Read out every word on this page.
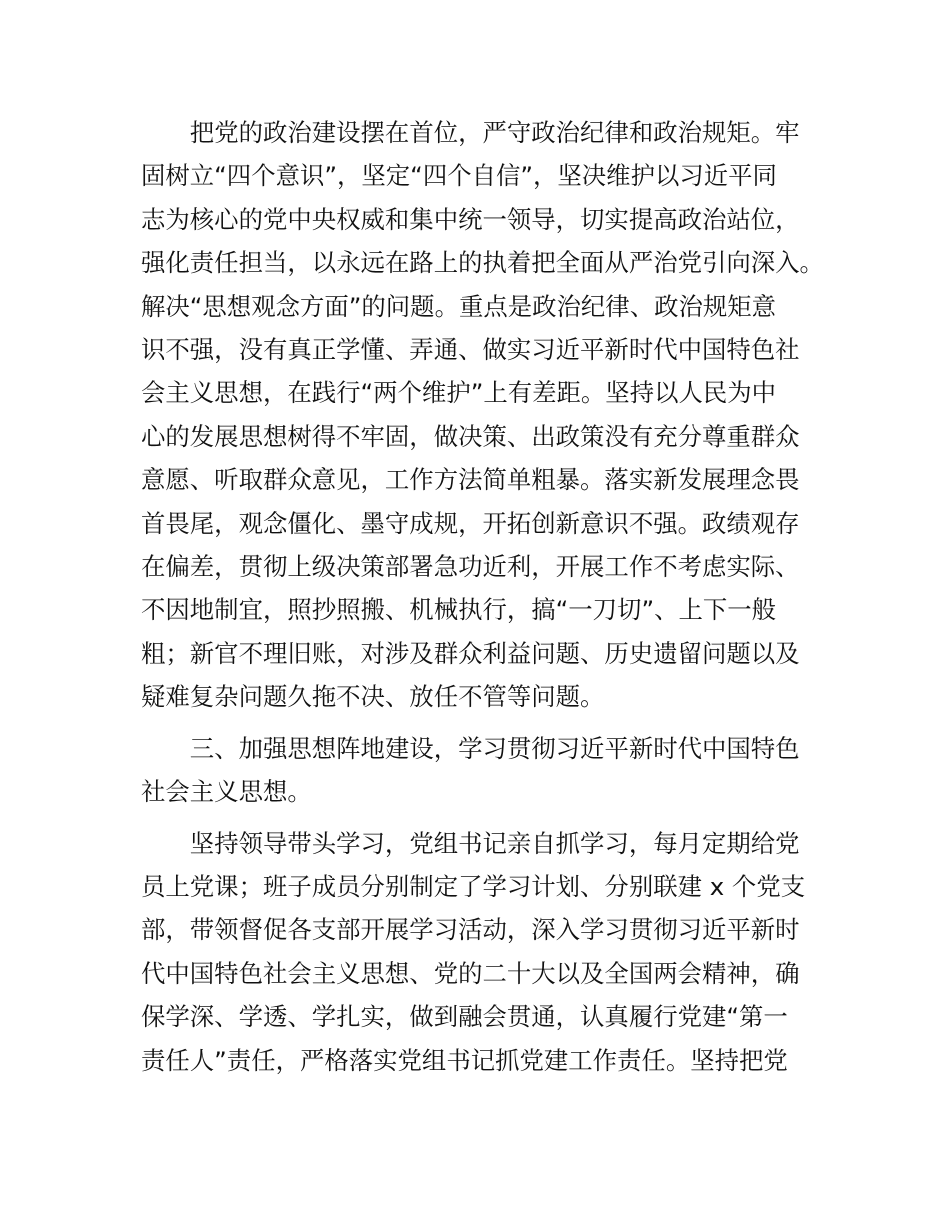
把党的政治建设摆在首位，严守政治纪律和政治规矩。牢
固树立“四个意识”，坚定“四个自信”，坚决维护以习近平同
志为核心的党中央权威和集中统一领导，切实提高政治站位，
强化责任担当，以永远在路上的执着把全面从严治党引向深入。
解决“思想观念方面”的问题。重点是政治纪律、政治规矩意
识不强，没有真正学懂、弄通、做实习近平新时代中国特色社
会主义思想，在践行“两个维护”上有差距。坚持以人民为中
心的发展思想树得不牢固，做决策、出政策没有充分尊重群众
意愿、听取群众意见，工作方法简单粗暴。落实新发展理念畏
首畏尾，观念僵化、墨守成规，开拓创新意识不强。政绩观存
在偏差，贯彻上级决策部署急功近利，开展工作不考虑实际、
不因地制宜，照抄照搬、机械执行，搞“一刀切”、上下一般
粗；新官不理旧账，对涉及群众利益问题、历史遗留问题以及
疑难复杂问题久拖不决、放任不管等问题。

三、加强思想阵地建设，学习贯彻习近平新时代中国特色
社会主义思想。

坚持领导带头学习，党组书记亲自抓学习，每月定期给党
员上党课；班子成员分别制定了学习计划、分别联建 x 个党支
部，带领督促各支部开展学习活动，深入学习贯彻习近平新时
代中国特色社会主义思想、党的二十大以及全国两会精神，确
保学深、学透、学扎实，做到融会贯通，认真履行党建“第一
责任人”责任，严格落实党组书记抓党建工作责任。坚持把党
